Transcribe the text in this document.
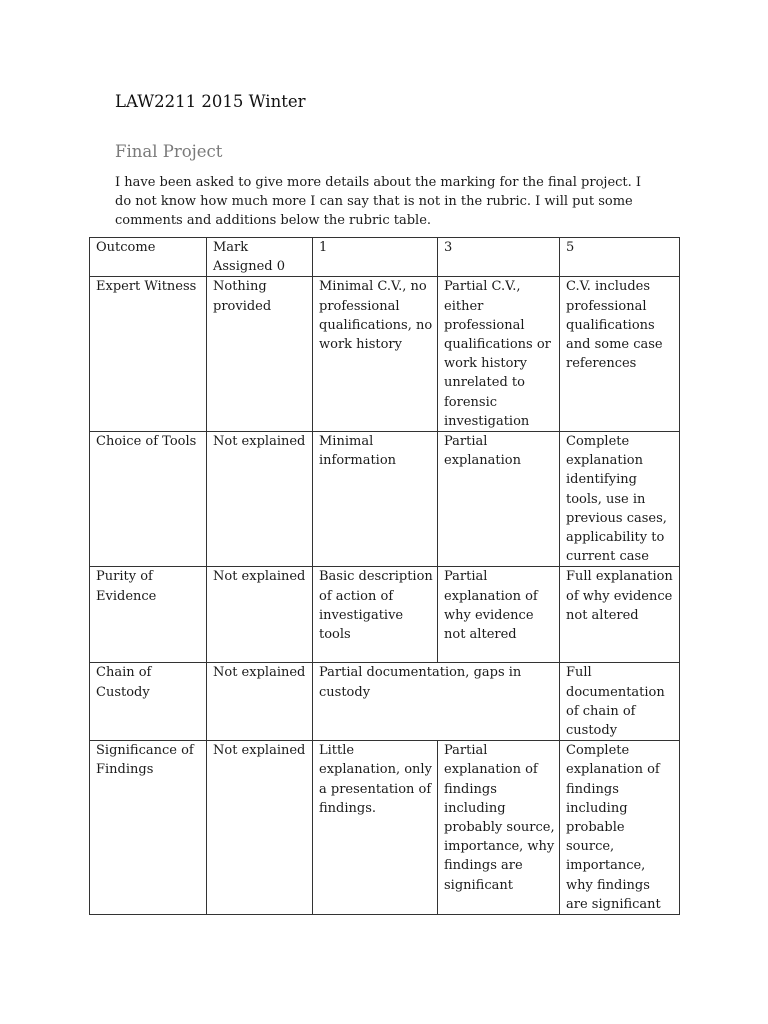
LAW2211 2015 Winter
Final Project

I have been asked to give more details about the marking for the final project. I do not know how much more I can say that is not in the rubric. I will put some comments and additions below the rubric table.

Outcome	Mark Assigned 0	1	3	5
Expert Witness	Nothing provided	Minimal C.V., no professional qualifications, no work history	Partial C.V., either professional qualifications or work history unrelated to forensic investigation	C.V. includes professional qualifications and some case references
Choice of Tools	Not explained	Minimal information	Partial explanation	Complete explanation identifying tools, use in previous cases, applicability to current case
Purity of Evidence	Not explained	Basic description of action of investigative tools	Partial explanation of why evidence not altered	Full explanation of why evidence not altered
Chain of Custody	Not explained	Partial documentation, gaps in custody		Full documentation of chain of custody
Significance of Findings	Not explained	Little explanation, only a presentation of findings.	Partial explanation of findings including probably source, importance, why findings are significant	Complete explanation of findings including probable source, importance, why findings are significant
